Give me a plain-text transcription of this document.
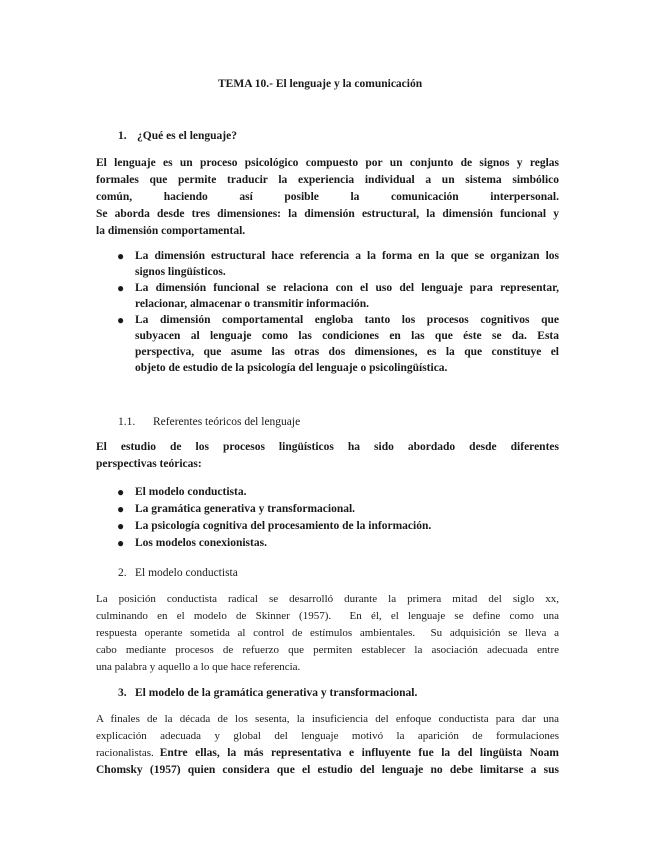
TEMA 10.- El lenguaje y la comunicación
1. ¿Qué es el lenguaje?
El lenguaje es un proceso psicológico compuesto por un conjunto de signos y reglas
formales que permite traducir la experiencia individual a un sistema simbólico
común,	haciendo	así	posible	la	comunicación	interpersonal.
Se aborda desde tres dimensiones: la dimensión estructural, la dimensión funcional y
la dimensión comportamental.
● La dimensión estructural hace referencia a la forma en la que se organizan los
signos lingüísticos.
● La dimensión funcional se relaciona con el uso del lenguaje para representar,
relacionar, almacenar o transmitir información.
● La dimensión comportamental engloba tanto los procesos cognitivos que
subyacen al lenguaje como las condiciones en las que éste se da. Esta
perspectiva, que asume las otras dos dimensiones, es la que constituye el
objeto de estudio de la psicología del lenguaje o psicolingüística.
1.1. Referentes teóricos del lenguaje
El estudio de los procesos lingüísticos ha sido abordado desde diferentes
perspectivas teóricas:
● El modelo conductista.
● La gramática generativa y transformacional.
● La psicología cognitiva del procesamiento de la información.
● Los modelos conexionistas.
2. El modelo conductista
La posición conductista radical se desarrolló durante la primera mitad del siglo xx,
culminando en el modelo de Skinner (1957).  En él, el lenguaje se define como una
respuesta operante sometida al control de estímulos ambientales.  Su adquisición se lleva a
cabo mediante procesos de refuerzo que permiten establecer la asociación adecuada entre
una palabra y aquello a lo que hace referencia.
3. El modelo de la gramática generativa y transformacional.
A finales de la década de los sesenta, la insuficiencia del enfoque conductista para dar una
explicación adecuada y global del lenguaje motivó la aparición de formulaciones
racionalistas. Entre ellas, la más representativa e influyente fue la del lingüista Noam
Chomsky (1957) quien considera que el estudio del lenguaje no debe limitarse a sus
